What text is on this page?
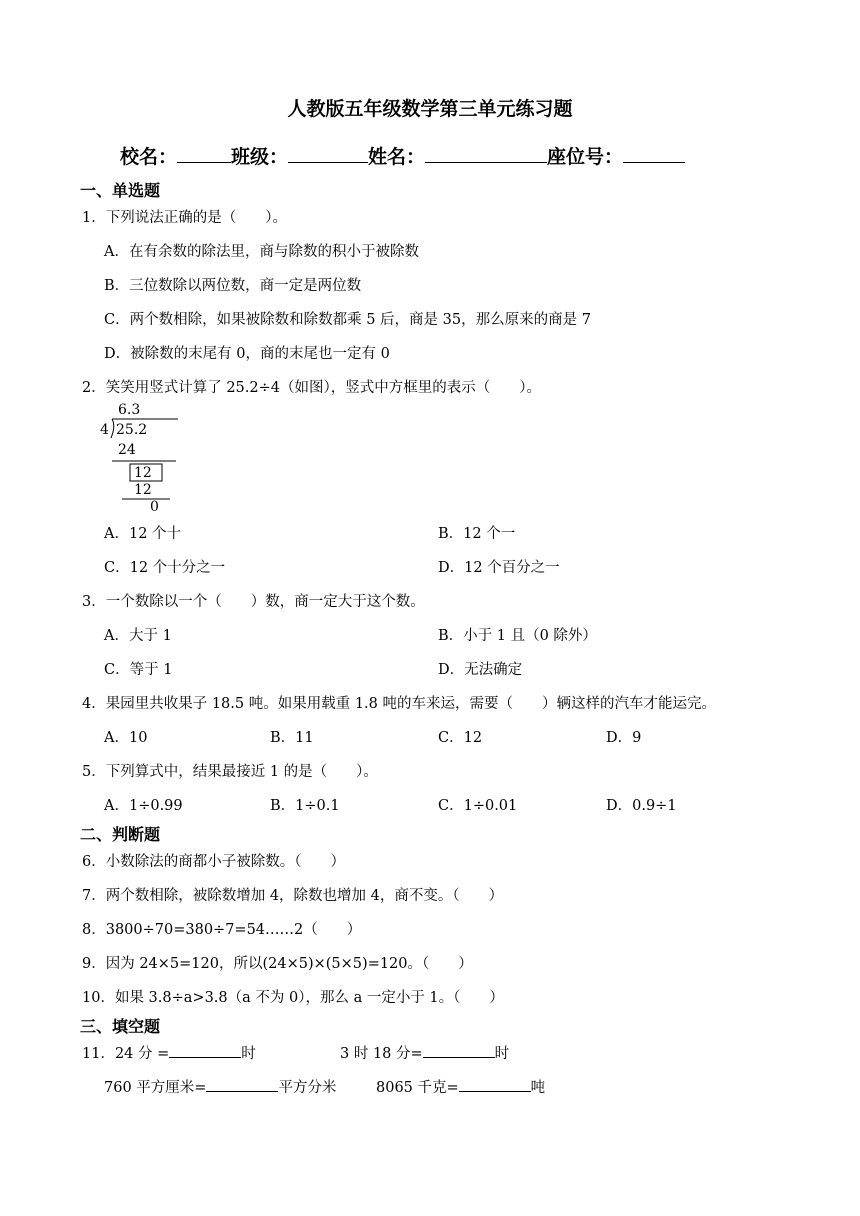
人教版五年级数学第三单元练习题
校名：	班级：	姓名：	座位号：
一、单选题
1．下列说法正确的是（　　）。
A．在有余数的除法里，商与除数的积小于被除数
B．三位数除以两位数，商一定是两位数
C．两个数相除，如果被除数和除数都乘 5 后，商是 35，那么原来的商是 7
D．被除数的末尾有 0，商的末尾也一定有 0
2．笑笑用竖式计算了 25.2÷4（如图），竖式中方框里的表示（　　）。
6.3
4 25.2
24
12
12
0
A．12 个十	B．12 个一
C．12 个十分之一	D．12 个百分之一
3．一个数除以一个（　　）数，商一定大于这个数。
A．大于 1	B．小于 1 且（0 除外）
C．等于 1	D．无法确定
4．果园里共收果子 18.5 吨。如果用载重 1.8 吨的车来运，需要（　　）辆这样的汽车才能运完。
A．10	B．11	C．12	D．9
5．下列算式中，结果最接近 1 的是（　　）。
A．1÷0.99	B．1÷0.1	C．1÷0.01	D．0.9÷1
二、判断题
6．小数除法的商都小子被除数。（　　）
7．两个数相除，被除数增加 4，除数也增加 4，商不变。（　　）
8．3800÷70=380÷7=54……2（　　）
9．因为 24×5=120，所以(24×5)×(5×5)=120。（　　）
10．如果 3.8÷a>3.8（a 不为 0），那么 a 一定小于 1。（　　）
三、填空题
11．24 分 =	时	3 时 18 分=	时
760 平方厘米=	平方分米	8065 千克=	吨
